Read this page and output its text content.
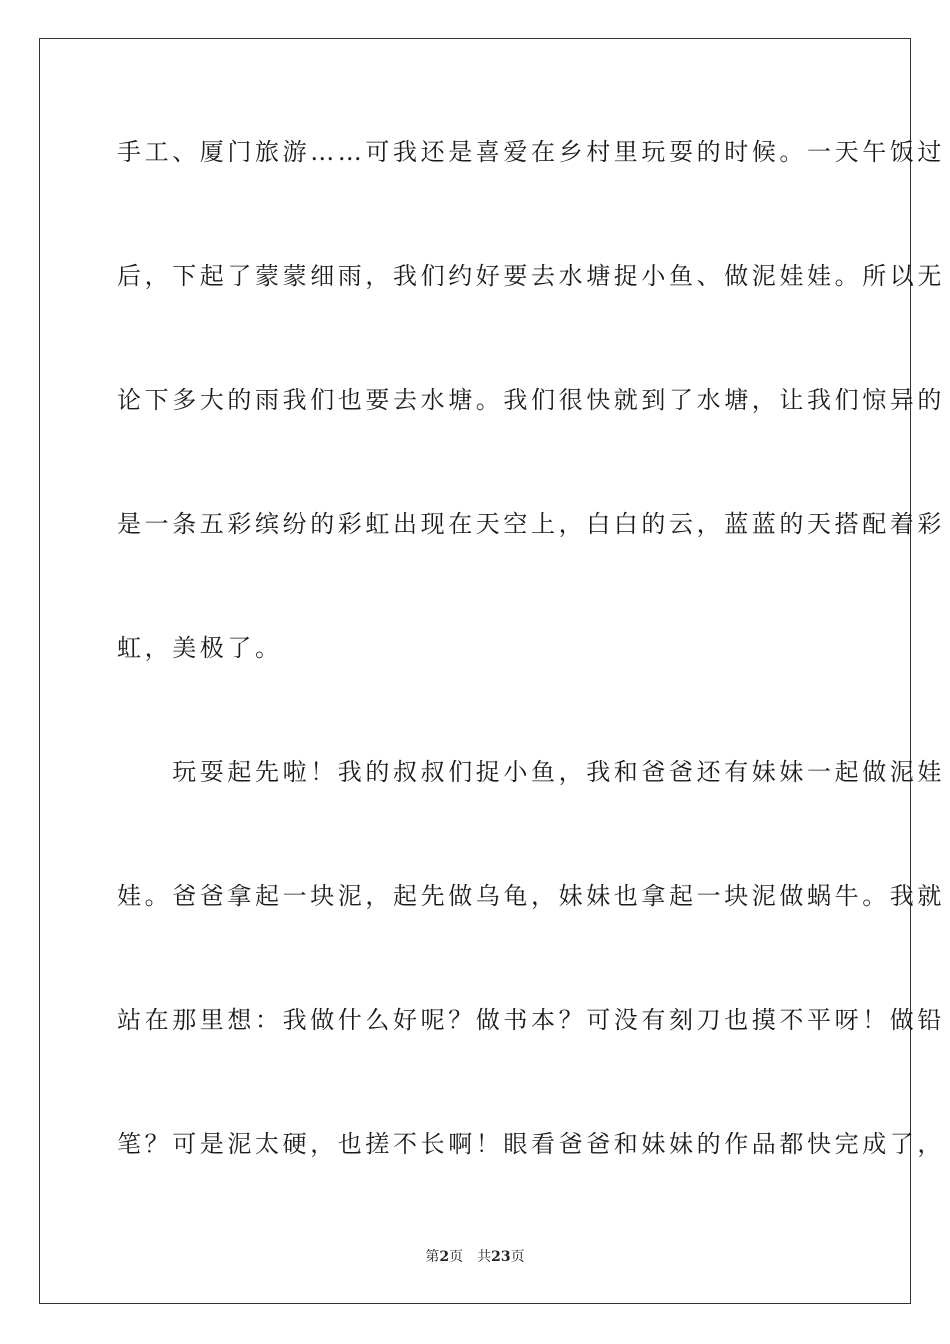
手工、厦门旅游……可我还是喜爱在乡村里玩耍的时候。一天午饭过
后，下起了蒙蒙细雨，我们约好要去水塘捉小鱼、做泥娃娃。所以无
论下多大的雨我们也要去水塘。我们很快就到了水塘，让我们惊异的
是一条五彩缤纷的彩虹出现在天空上，白白的云，蓝蓝的天搭配着彩
虹，美极了。
　　玩耍起先啦！我的叔叔们捉小鱼，我和爸爸还有妹妹一起做泥娃
娃。爸爸拿起一块泥，起先做乌龟，妹妹也拿起一块泥做蜗牛。我就
站在那里想：我做什么好呢？做书本？可没有刻刀也摸不平呀！做铅
笔？可是泥太硬，也搓不长啊！眼看爸爸和妹妹的作品都快完成了，
第2页 共23页
